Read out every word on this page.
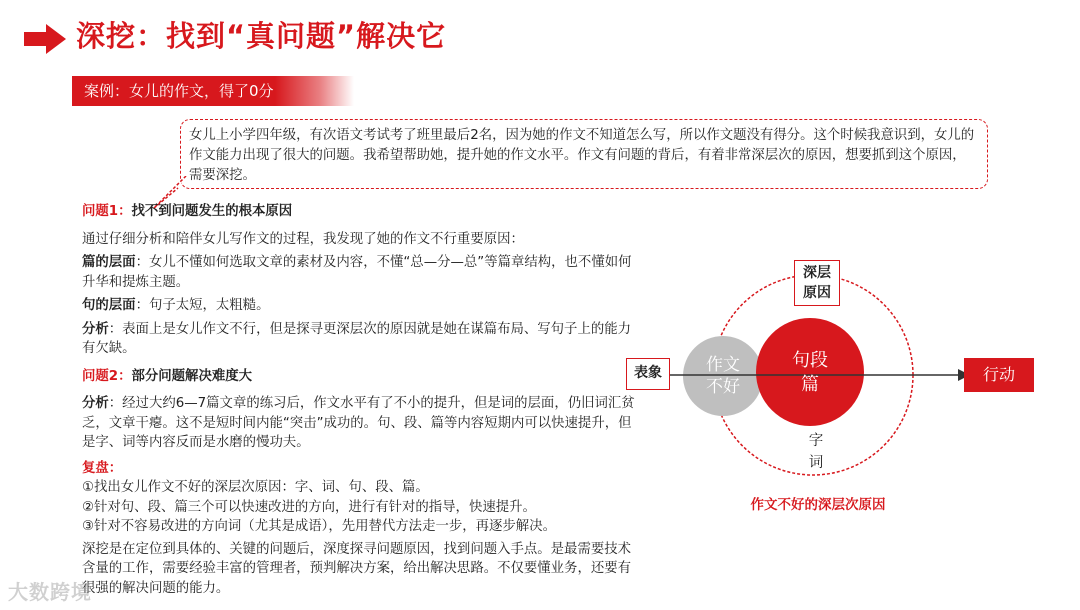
深挖：找到“真问题”解决它
案例：女儿的作文，得了0分
女儿上小学四年级，有次语文考试考了班里最后2名，因为她的作文不知道怎么写，所以作文题没有得分。这个时候我意识到，女儿的作文能力出现了很大的问题。我希望帮助她，提升她的作文水平。作文有问题的背后，有着非常深层次的原因，想要抓到这个原因，需要深挖。

问题1：找不到问题发生的根本原因

通过仔细分析和陪伴女儿写作文的过程，我发现了她的作文不行重要原因：

篇的层面：女儿不懂如何选取文章的素材及内容，不懂“总—分—总”等篇章结构，也不懂如何升华和提炼主题。

句的层面：句子太短，太粗糙。

分析：表面上是女儿作文不行，但是探寻更深层次的原因就是她在谋篇布局、写句子上的能力有欠缺。

问题2：部分问题解决难度大

分析：经过大约6—7篇文章的练习后，作文水平有了不小的提升，但是词的层面，仍旧词汇贫乏，文章干瘪。这不是短时间内能“突击”成功的。句、段、篇等内容短期内可以快速提升，但是字、词等内容反而是水磨的慢功夫。

复盘：

①找出女儿作文不好的深层次原因：字、词、句、段、篇。

②针对句、段、篇三个可以快速改进的方向，进行有针对的指导，快速提升。

③针对不容易改进的方向词（尤其是成语），先用替代方法走一步，再逐步解决。

深挖是在定位到具体的、关键的问题后，深度探寻问题原因，找到问题入手点。是最需要技术含量的工作，需要经验丰富的管理者，预判解决方案，给出解决思路。不仅要懂业务，还要有很强的解决问题的能力。

表象
深层
原因
作文
不好
句段
篇
字
词
行动
作文不好的深层次原因
大数跨境
